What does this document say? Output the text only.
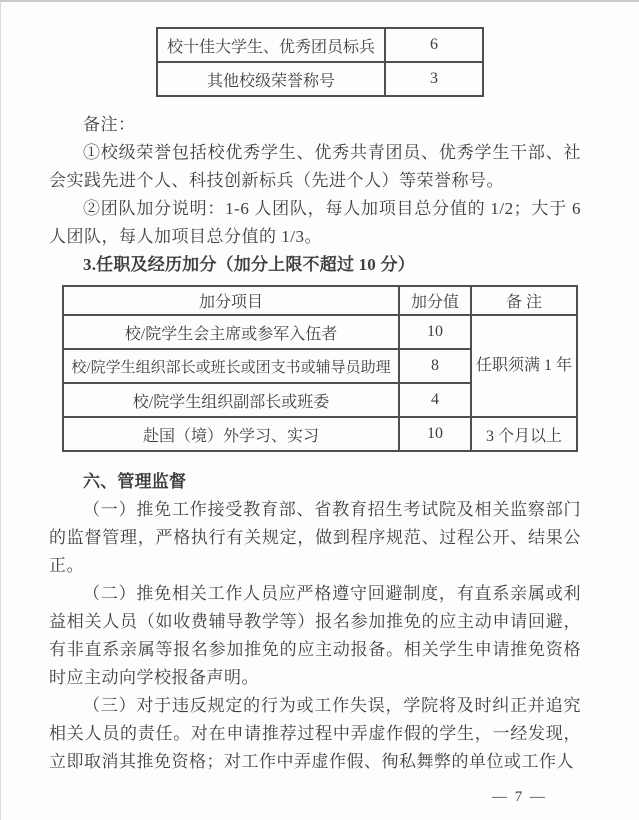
校十佳大学生、优秀团员标兵	6
其他校级荣誉称号	3

备注：

①校级荣誉包括校优秀学生、优秀共青团员、优秀学生干部、社会实践先进个人、科技创新标兵（先进个人）等荣誉称号。

②团队加分说明：1-6 人团队，每人加项目总分值的 1/2；大于 6 人团队，每人加项目总分值的 1/3。

3.任职及经历加分（加分上限不超过 10 分）

加分项目	加分值	备 注
校/院学生会主席或参军入伍者	10	任职须满 1 年
校/院学生组织部长或班长或团支书或辅导员助理	8	
校/院学生组织副部长或班委	4	
赴国（境）外学习、实习	10	3 个月以上

六、管理监督

（一）推免工作接受教育部、省教育招生考试院及相关监察部门的监督管理，严格执行有关规定，做到程序规范、过程公开、结果公正。

（二）推免相关工作人员应严格遵守回避制度，有直系亲属或利益相关人员（如收费辅导教学等）报名参加推免的应主动申请回避，有非直系亲属等报名参加推免的应主动报备。相关学生申请推免资格时应主动向学校报备声明。

（三）对于违反规定的行为或工作失误，学院将及时纠正并追究相关人员的责任。对在申请推荐过程中弄虚作假的学生，一经发现，立即取消其推免资格；对工作中弄虚作假、徇私舞弊的单位或工作人

— 7 —
